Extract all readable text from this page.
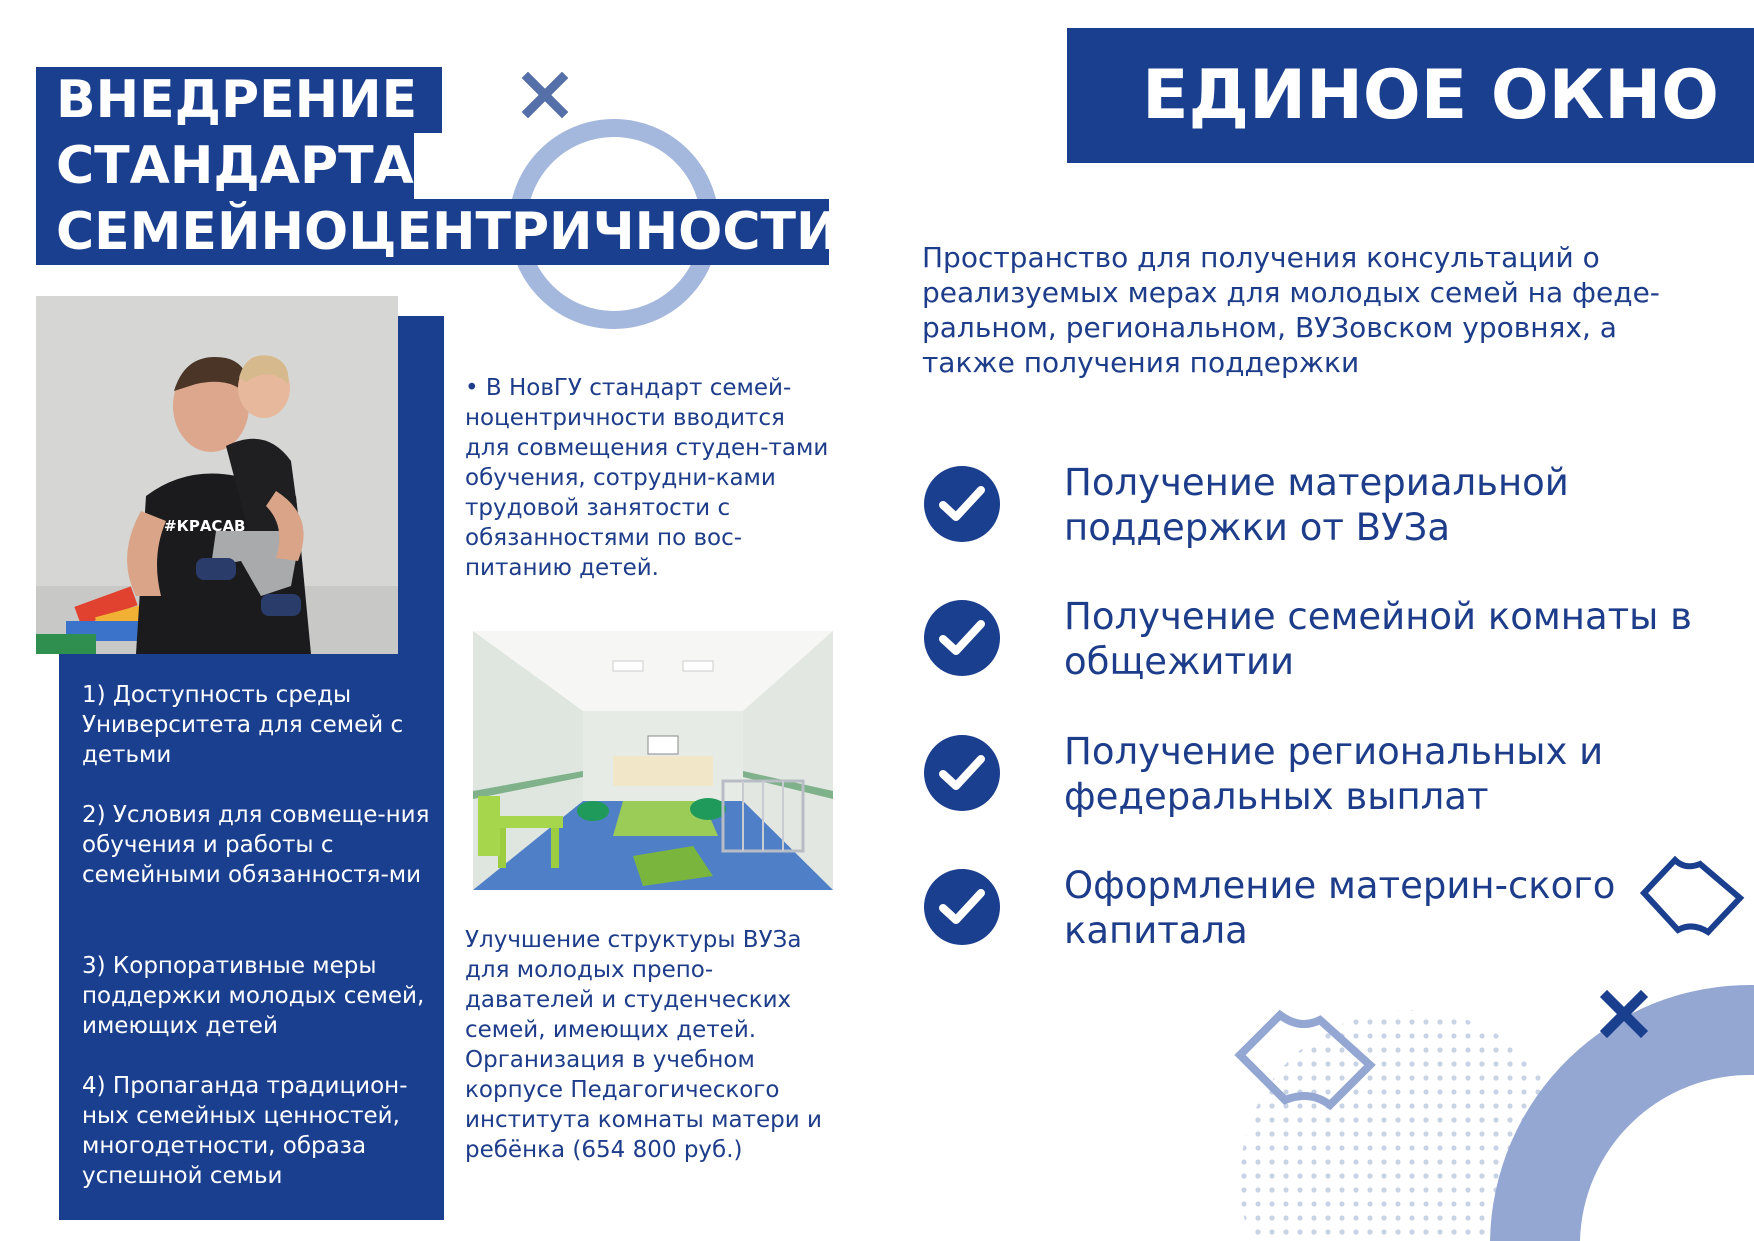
ВНЕДРЕНИЕ
СТАНДАРТА
СЕМЕЙНОЦЕНТРИЧНОСТИ
#КРАСАВ
1) Доступность среды Университета для семей с детьми
2) Условия для совмеще-ния обучения и работы с семейными обязанностя-ми
3) Корпоративные меры поддержки молодых семей, имеющих детей
4) Пропаганда традицион-ных семейных ценностей, многодетности, образа успешной семьи
• В НовГУ стандарт семей-ноцентричности вводится для совмещения студен-тами обучения, сотрудни-ками трудовой занятости с обязанностями по вос-питанию детей.
Улучшение структуры ВУЗа для молодых препо-давателей и студенческих семей, имеющих детей. Организация в учебном корпусе Педагогического института комнаты матери и ребёнка (654 800 руб.)
ЕДИНОЕ ОКНО
Пространство для получения консультаций о реализуемых мерах для молодых семей на феде-ральном, региональном, ВУЗовском уровнях, а также получения поддержки
Получение материальной поддержки от ВУЗа
Получение семейной комнаты в общежитии
Получение региональных и федеральных выплат
Оформление материн-ского капитала
